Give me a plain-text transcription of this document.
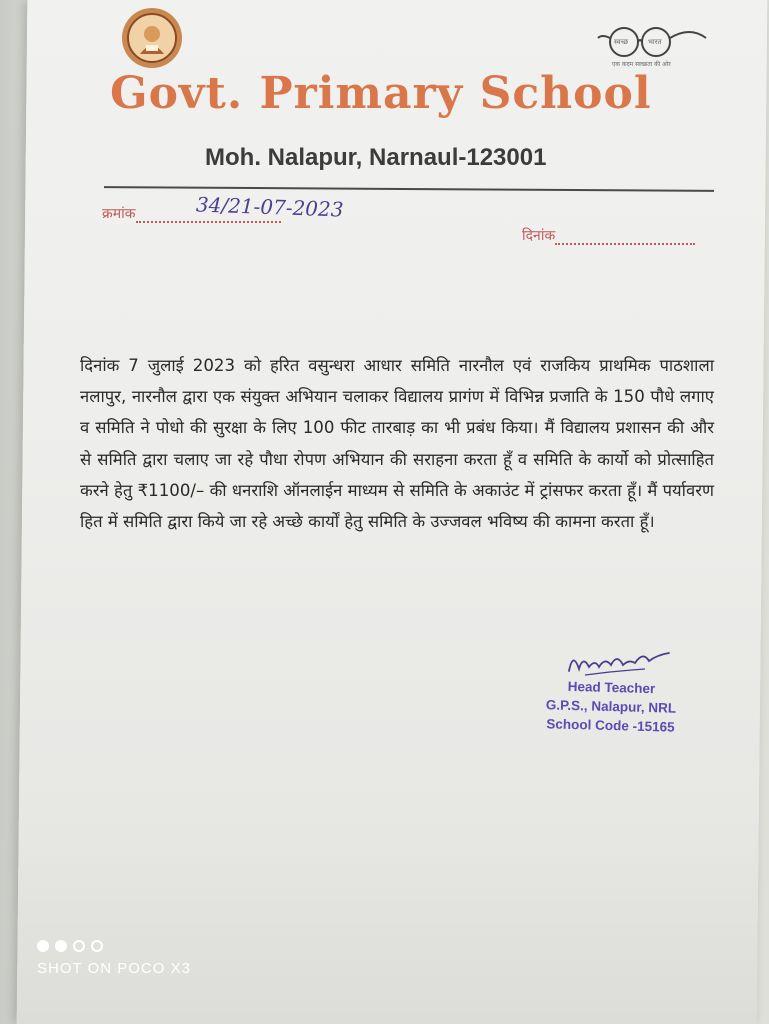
स्वच्छ	भारत
एक कदम स्वच्छता की ओर
Govt. Primary School
Moh. Nalapur, Narnaul-123001
क्रमांक	34/21-07-2023
दिनांक
दिनांक 7 जुलाई 2023 को हरित वसुन्धरा आधार समिति नारनौल एवं राजकिय प्राथमिक पाठशाला नलापुर, नारनौल द्वारा एक संयुक्त अभियान चलाकर विद्यालय प्रागंण में विभिन्न प्रजाति के 150 पौधे लगाए व समिति ने पोधो की सुरक्षा के लिए 100 फीट तारबाड़ का भी प्रबंध किया। मैं विद्यालय प्रशासन की और से समिति द्वारा चलाए जा रहे पौधा रोपण अभियान की सराहना करता हूँ व समिति के कार्यो को प्रोत्साहित करने हेतु ₹1100/– की धनराशि ऑनलाईन माध्यम से समिति के अकाउंट में ट्रांसफर करता हूँ। मैं पर्यावरण हित में समिति द्वारा किये जा रहे अच्छे कार्यों हेतु समिति के उज्जवल भविष्य की कामना करता हूँ।
Head Teacher
G.P.S., Nalapur, NRL
School Code -15165
SHOT ON POCO X3
